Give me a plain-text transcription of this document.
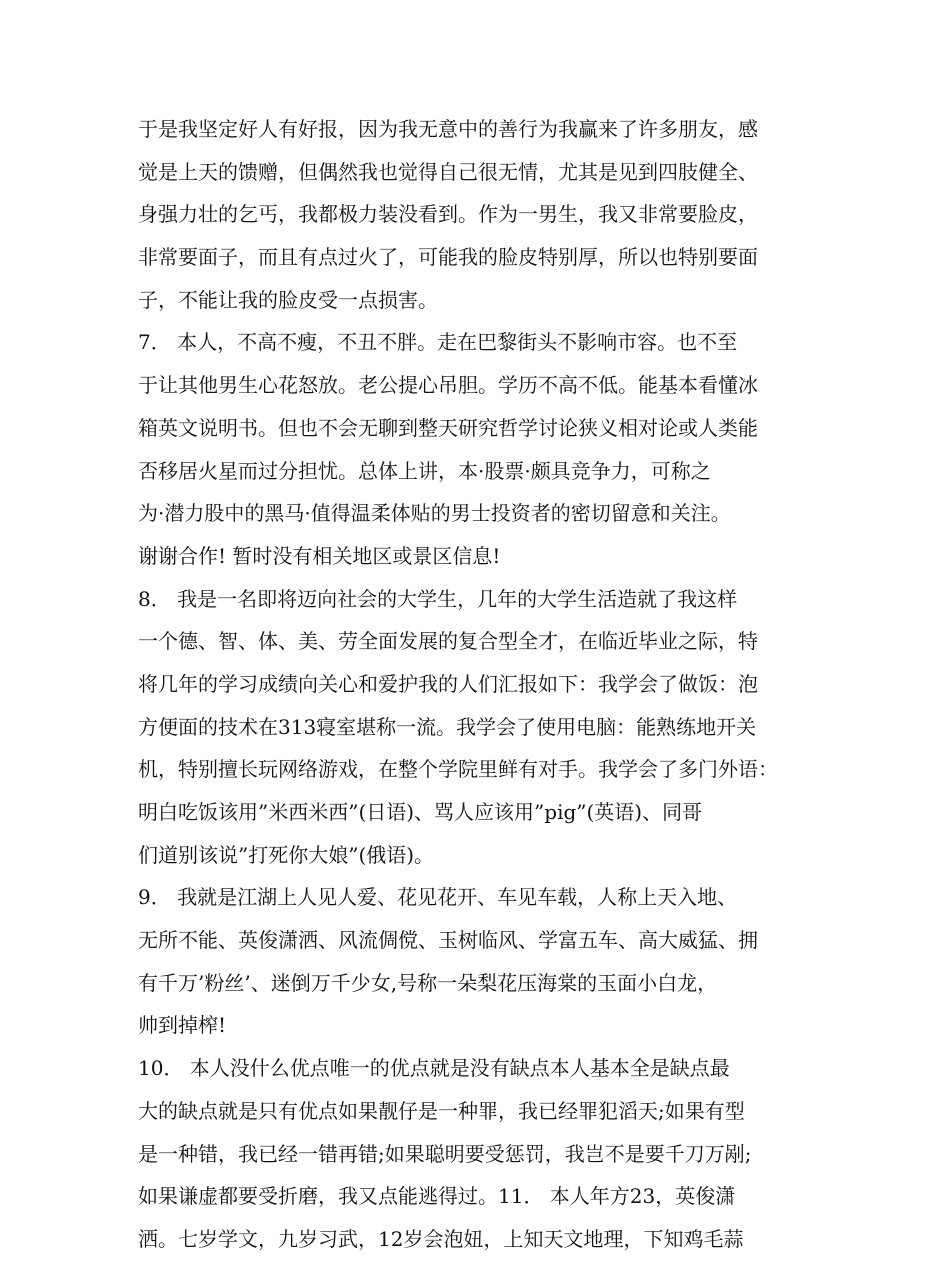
于是我坚定好人有好报，因为我无意中的善行为我赢来了许多朋友，感
觉是上天的馈赠，但偶然我也觉得自己很无情，尤其是见到四肢健全、
身强力壮的乞丐，我都极力装没看到。作为一男生，我又非常要脸皮，
非常要面子，而且有点过火了，可能我的脸皮特别厚，所以也特别要面
子，不能让我的脸皮受一点损害。
7． 本人，不高不瘦，不丑不胖。走在巴黎街头不影响市容。也不至
于让其他男生心花怒放。老公提心吊胆。学历不高不低。能基本看懂冰
箱英文说明书。但也不会无聊到整天研究哲学讨论狭义相对论或人类能
否移居火星而过分担忧。总体上讲，本·股票·颇具竞争力，可称之
为·潜力股中的黑马·值得温柔体贴的男士投资者的密切留意和关注。
谢谢合作! 暂时没有相关地区或景区信息!
8． 我是一名即将迈向社会的大学生，几年的大学生活造就了我这样
一个德、智、体、美、劳全面发展的复合型全才，在临近毕业之际，特
将几年的学习成绩向关心和爱护我的人们汇报如下：我学会了做饭：泡
方便面的技术在313寝室堪称一流。我学会了使用电脑：能熟练地开关
机，特别擅长玩网络游戏，在整个学院里鲜有对手。我学会了多门外语：
明白吃饭该用”米西米西”(日语)、骂人应该用”pig”(英语)、同哥
们道别该说”打死你大娘”(俄语)。
9． 我就是江湖上人见人爱、花见花开、车见车载，人称上天入地、
无所不能、英俊潇洒、风流倜傥、玉树临风、学富五车、高大威猛、拥
有千万’粉丝’、迷倒万千少女,号称一朵梨花压海棠的玉面小白龙，
帅到掉榨!
10． 本人没什么优点唯一的优点就是没有缺点本人基本全是缺点最
大的缺点就是只有优点如果靓仔是一种罪，我已经罪犯滔天;如果有型
是一种错，我已经一错再错;如果聪明要受惩罚，我岂不是要千刀万剐;
如果谦虚都要受折磨，我又点能逃得过。11． 本人年方23，英俊潇
洒。七岁学文，九岁习武，12岁会泡妞，上知天文地理，下知鸡毛蒜
